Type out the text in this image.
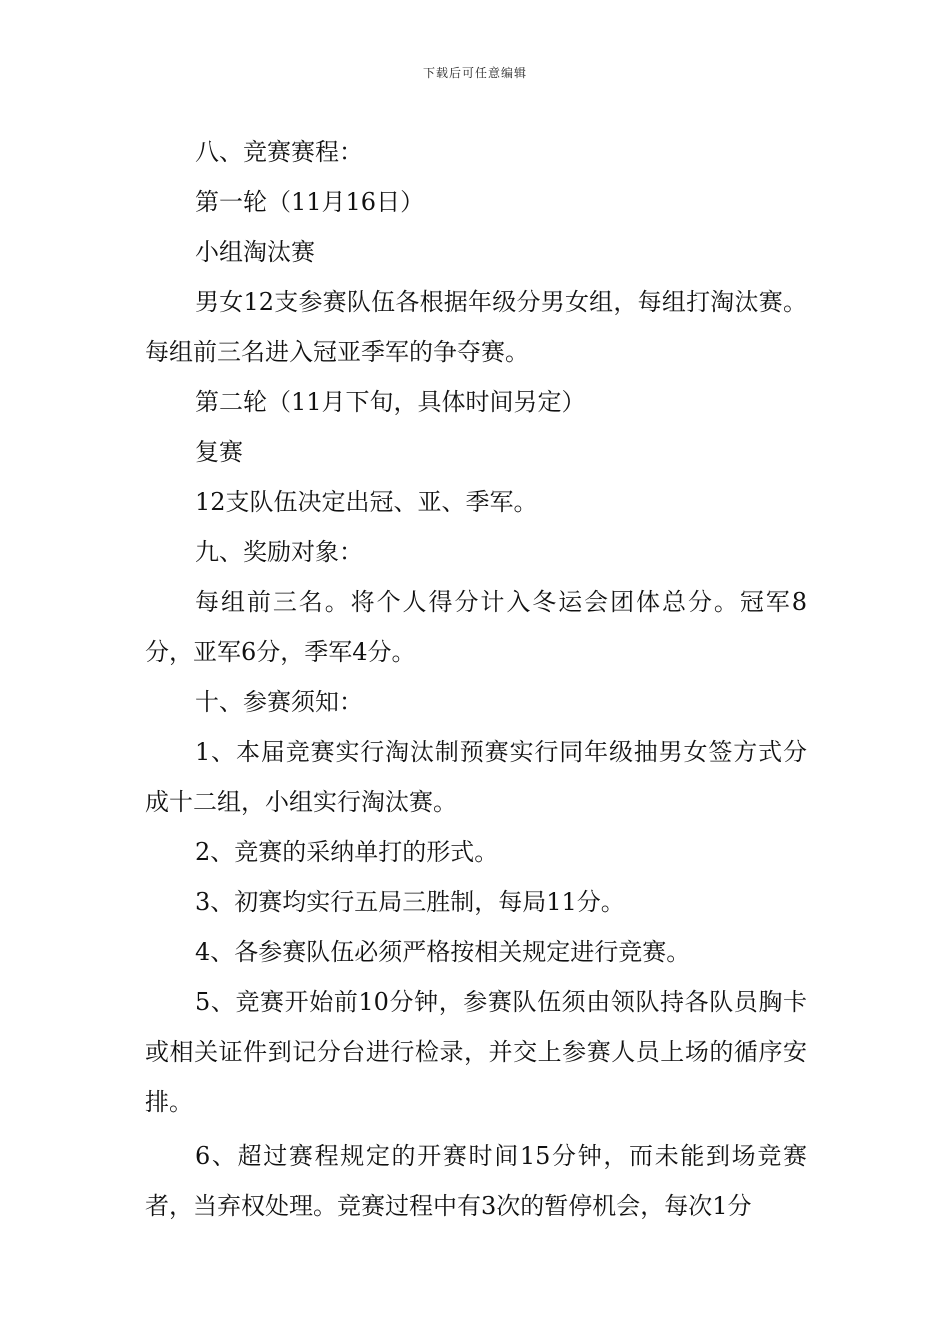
下载后可任意编辑

八、竞赛赛程：

第一轮（11月16日）

小组淘汰赛

男女12支参赛队伍各根据年级分男女组，每组打淘汰赛。每组前三名进入冠亚季军的争夺赛。

第二轮（11月下旬，具体时间另定）

复赛

12支队伍决定出冠、亚、季军。

九、奖励对象：

每组前三名。将个人得分计入冬运会团体总分。冠军8分，亚军6分，季军4分。

十、参赛须知：

1、本届竞赛实行淘汰制预赛实行同年级抽男女签方式分成十二组，小组实行淘汰赛。

2、竞赛的采纳单打的形式。

3、初赛均实行五局三胜制，每局11分。

4、各参赛队伍必须严格按相关规定进行竞赛。

5、竞赛开始前10分钟，参赛队伍须由领队持各队员胸卡或相关证件到记分台进行检录，并交上参赛人员上场的循序安排。

6、超过赛程规定的开赛时间15分钟，而未能到场竞赛者，当弃权处理。竞赛过程中有3次的暂停机会，每次1分
